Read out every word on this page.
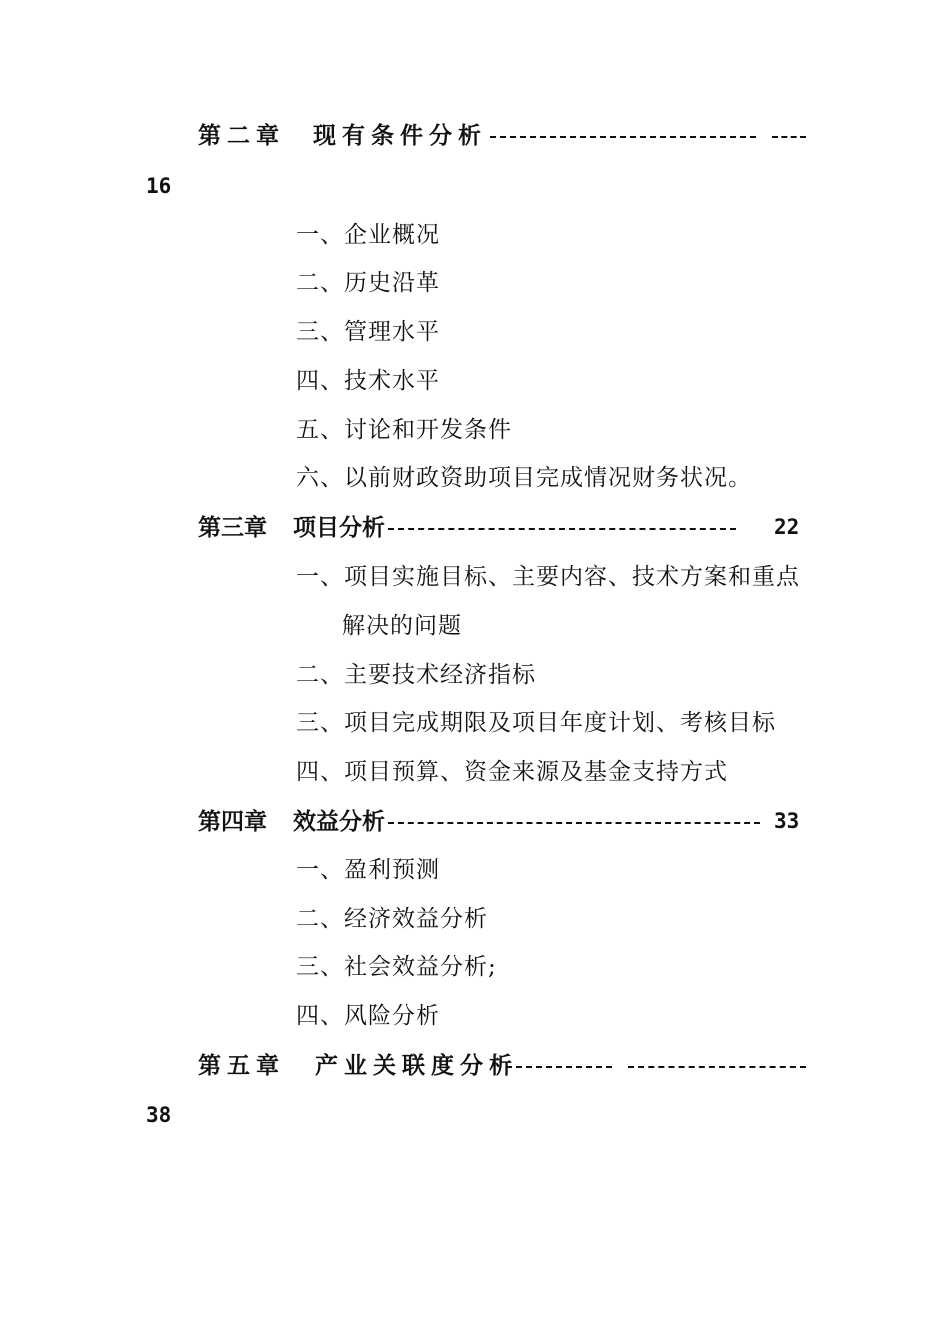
第二章 现有条件分析
16
一、企业概况
二、历史沿革
三、管理水平
四、技术水平
五、讨论和开发条件
六、以前财政资助项目完成情况财务状况。
第三章 项目分析	22
一、项目实施目标、主要内容、技术方案和重点
解决的问题
二、主要技术经济指标
三、项目完成期限及项目年度计划、考核目标
四、项目预算、资金来源及基金支持方式
第四章 效益分析	33
一、盈利预测
二、经济效益分析
三、社会效益分析;
四、风险分析
第五章 产业关联度分析
38
